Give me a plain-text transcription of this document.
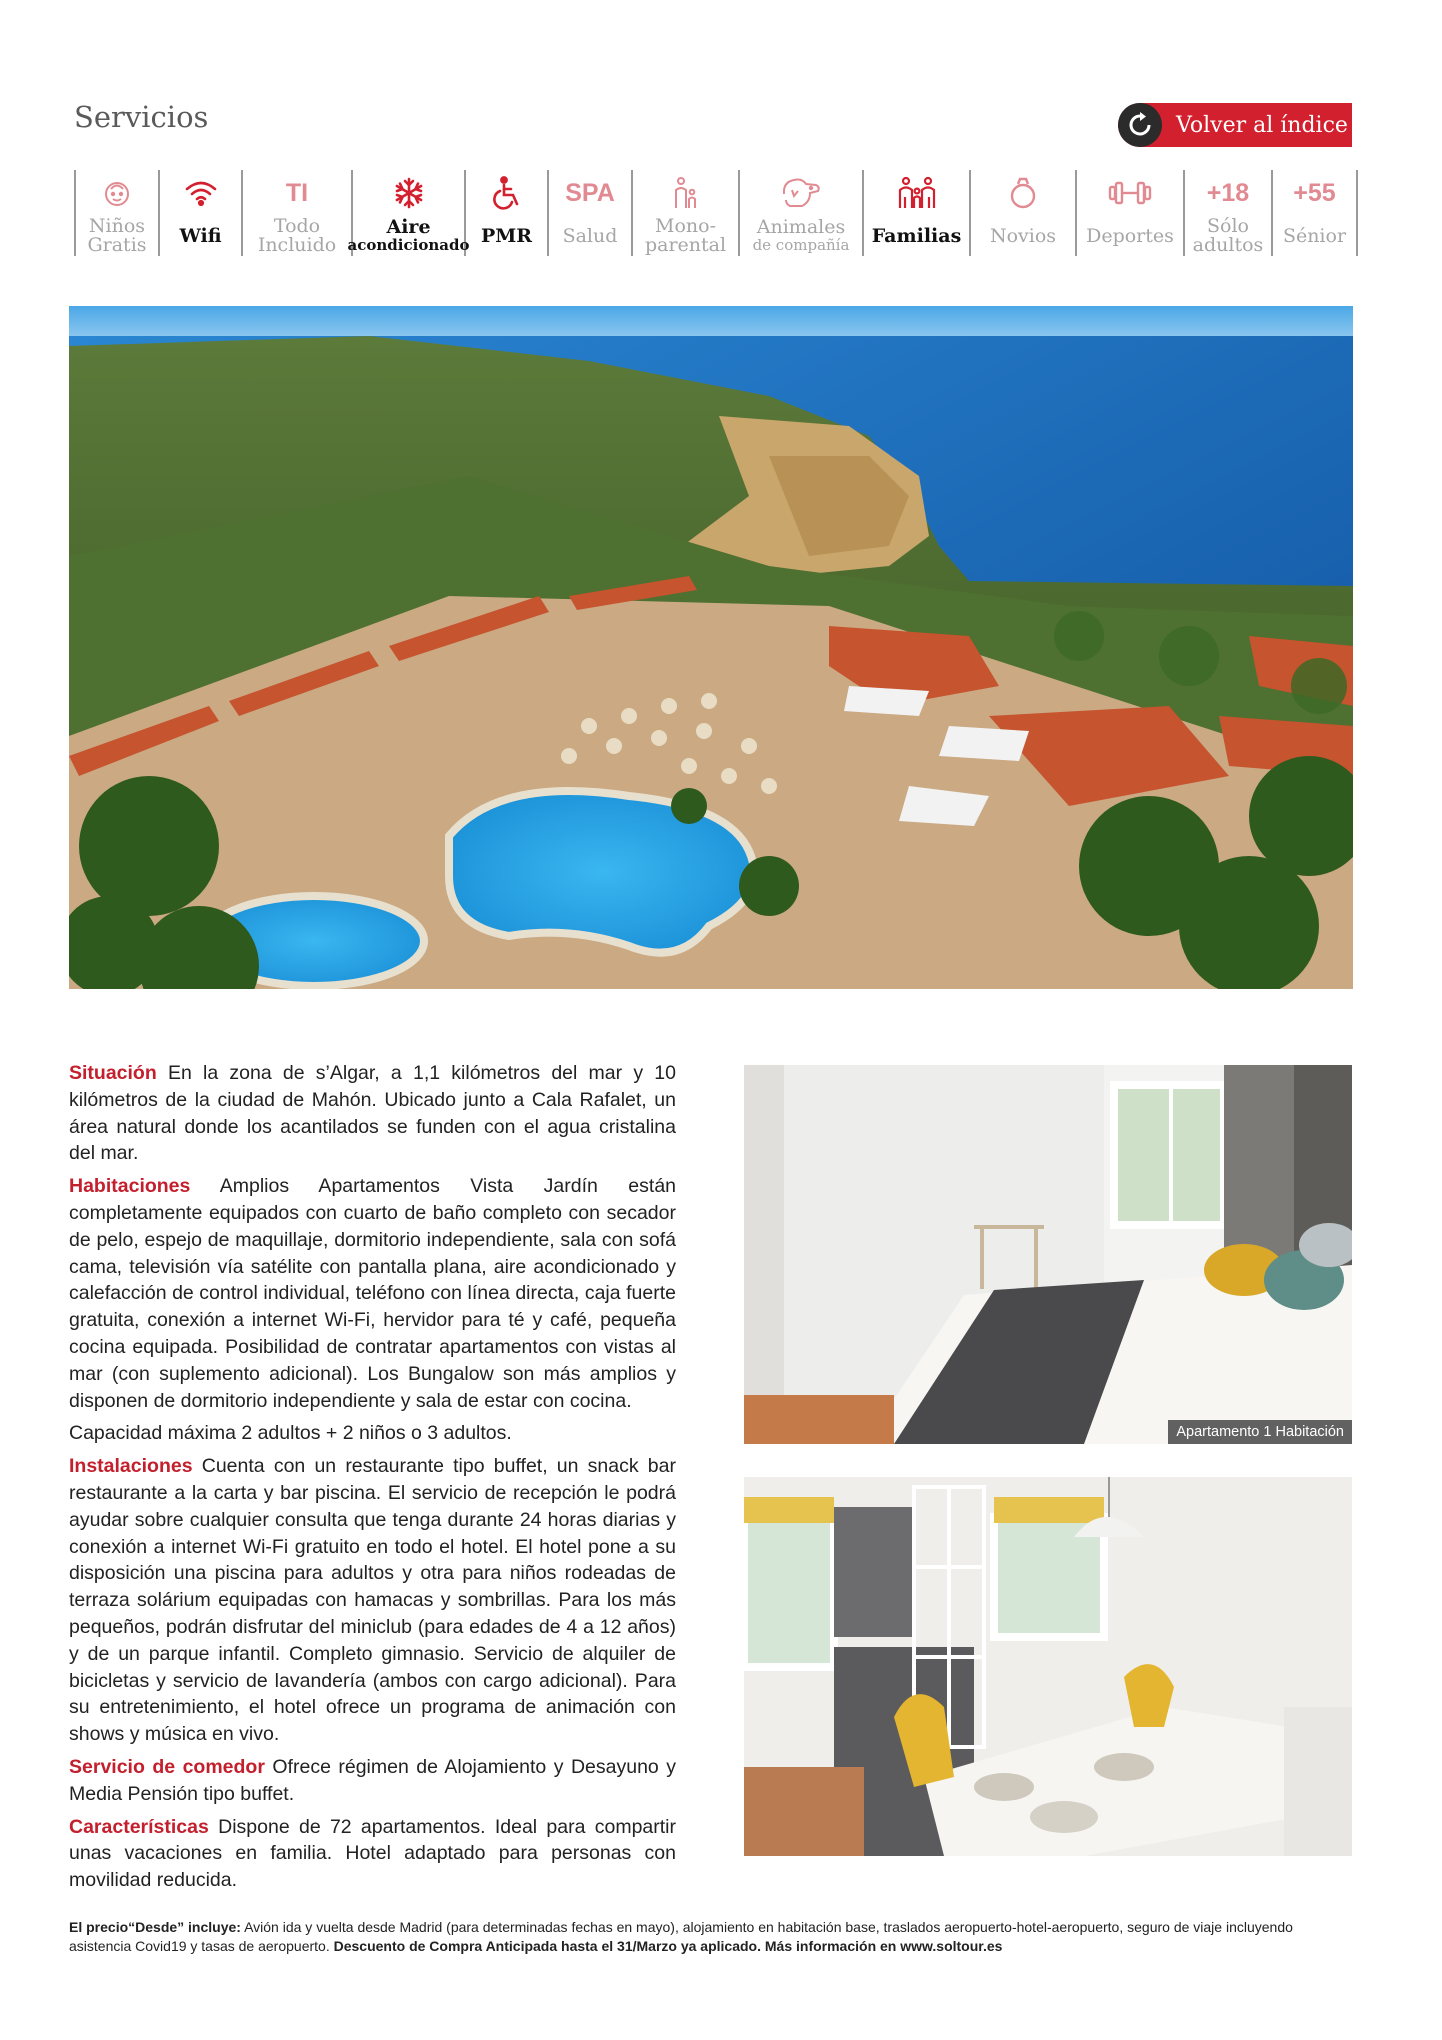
Servicios	Volver al índice
Niños
Gratis Wifi
TI
Todo
Incluido
Aire
acondicionado PMR
SPA
Salud Mono-
parental
Animales
de compañía Familias Novios Deportes
+18
Sólo
adultos
+55
Sénior

Situación En la zona de s’Algar, a 1,1 kilómetros del mar y 10 kilómetros de la ciudad de Mahón. Ubicado junto a Cala Rafalet, un área natural donde los acantilados se funden con el agua cristalina del mar.

Habitaciones Amplios Apartamentos Vista Jardín están completamente equipados con cuarto de baño completo con secador de pelo, espejo de maquillaje, dormitorio independiente, sala con sofá cama, televisión vía satélite con pantalla plana, aire acondicionado y calefacción de control individual, teléfono con línea directa, caja fuerte gratuita, conexión a internet Wi-Fi, hervidor para té y café, pequeña cocina equipada. Posibilidad de contratar apartamentos con vistas al mar (con suplemento adicional). Los Bungalow son más amplios y disponen de dormitorio independiente y sala de estar con cocina.

Capacidad máxima 2 adultos + 2 niños o 3 adultos.

Instalaciones Cuenta con un restaurante tipo buffet, un snack bar restaurante a la carta y bar piscina. El servicio de recepción le podrá ayudar sobre cualquier consulta que tenga durante 24 horas diarias y conexión a internet Wi-Fi gratuito en todo el hotel. El hotel pone a su disposición una piscina para adultos y otra para niños rodeadas de terraza solárium equipadas con hamacas y sombrillas. Para los más pequeños, podrán disfrutar del miniclub (para edades de 4 a 12 años) y de un parque infantil. Completo gimnasio. Servicio de alquiler de bicicletas y servicio de lavandería (ambos con cargo adicional). Para su entretenimiento, el hotel ofrece un programa de animación con shows y música en vivo.

Servicio de comedor Ofrece régimen de Alojamiento y Desayuno y Media Pensión tipo buffet.

Características Dispone de 72 apartamentos. Ideal para compartir unas vacaciones en familia. Hotel adaptado para personas con movilidad reducida.

Apartamento 1 Habitación
El precio“Desde” incluye: Avión ida y vuelta desde Madrid (para determinadas fechas en mayo), alojamiento en habitación base, traslados aeropuerto-hotel-aeropuerto, seguro de viaje incluyendo asistencia Covid19 y tasas de aeropuerto. Descuento de Compra Anticipada hasta el 31/Marzo ya aplicado. Más información en www.soltour.es
